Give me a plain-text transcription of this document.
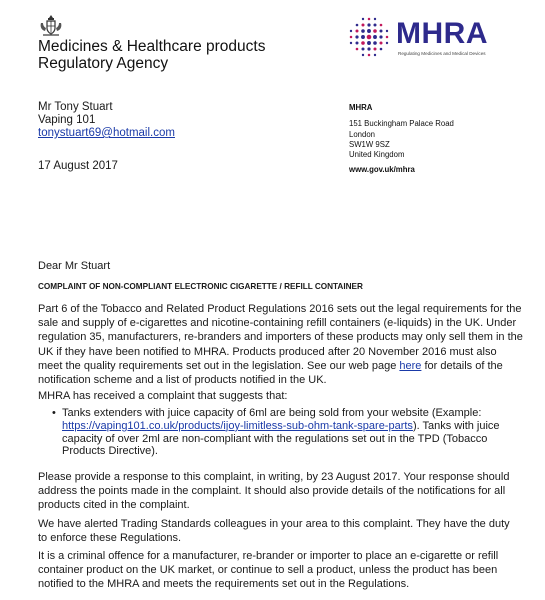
Medicines & Healthcare products
Regulatory Agency
MHRA
Regulating Medicines and Medical Devices
Mr Tony Stuart
Vaping 101
tonystuart69@hotmail.com
17 August 2017
MHRA
151 Buckingham Palace Road
London
SW1W 9SZ
United Kingdom
www.gov.uk/mhra
Dear Mr Stuart
COMPLAINT OF NON-COMPLIANT ELECTRONIC CIGARETTE / REFILL CONTAINER
Part 6 of the Tobacco and Related Product Regulations 2016 sets out the legal requirements for the
sale and supply of e-cigarettes and nicotine-containing refill containers (e-liquids) in the UK. Under
regulation 35, manufacturers, re-branders and importers of these products may only sell them in the
UK if they have been notified to MHRA. Products produced after 20 November 2016 must also
meet the quality requirements set out in the legislation. See our web page here for details of the
notification scheme and a list of products notified in the UK.
MHRA has received a complaint that suggests that:
• Tanks extenders with juice capacity of 6ml are being sold from your website (Example:
https://vaping101.co.uk/products/ijoy-limitless-sub-ohm-tank-spare-parts). Tanks with juice
capacity of over 2ml are non-compliant with the regulations set out in the TPD (Tobacco
Products Directive).
Please provide a response to this complaint, in writing, by 23 August 2017. Your response should
address the points made in the complaint. It should also provide details of the notifications for all
products cited in the complaint.
We have alerted Trading Standards colleagues in your area to this complaint. They have the duty
to enforce these Regulations.
It is a criminal offence for a manufacturer, re-brander or importer to place an e-cigarette or refill
container product on the UK market, or continue to sell a product, unless the product has been
notified to the MHRA and meets the requirements set out in the Regulations.
